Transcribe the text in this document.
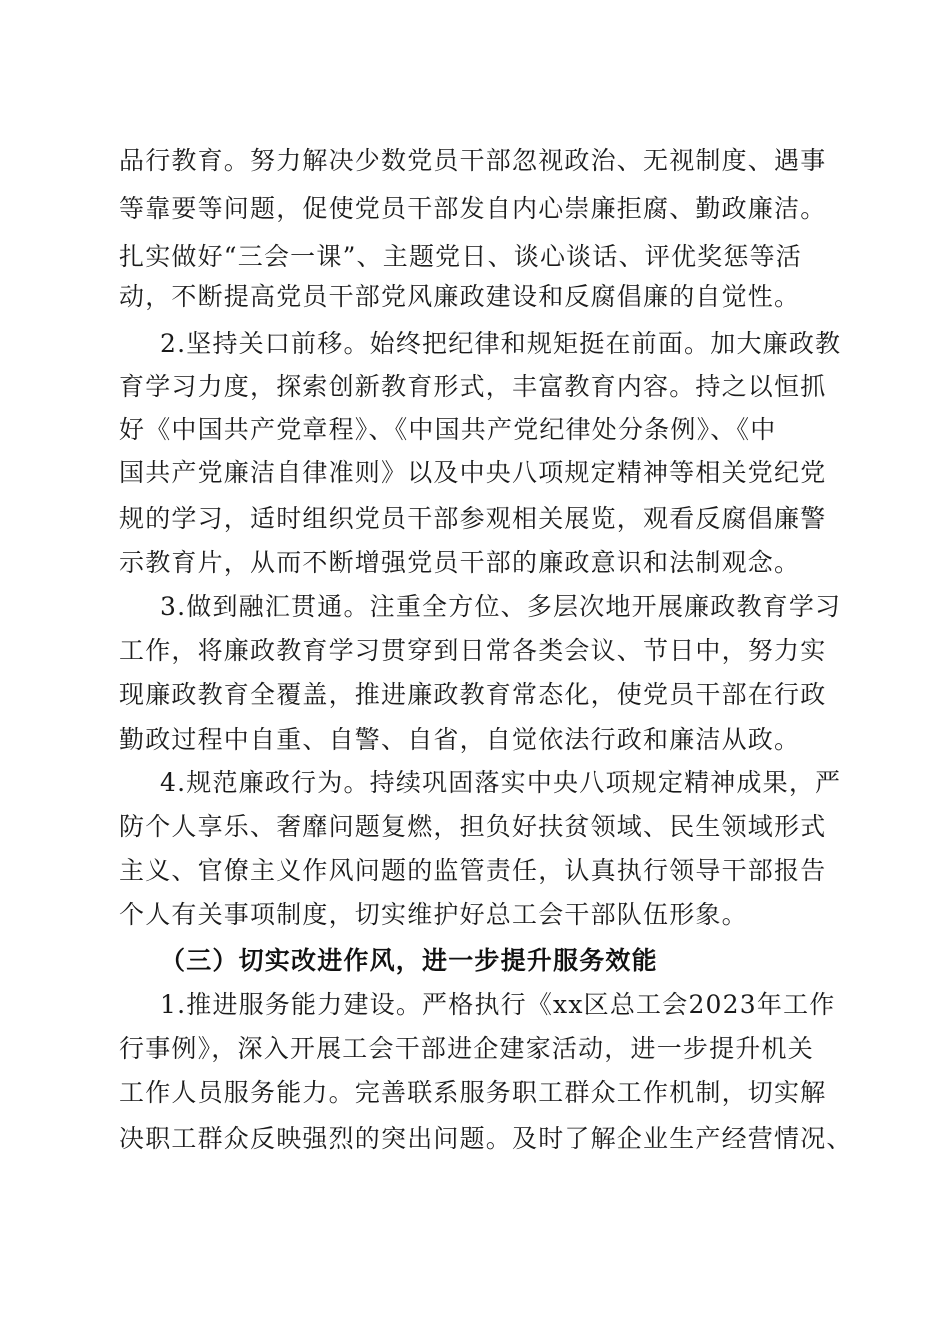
品行教育。努力解决少数党员干部忽视政治、无视制度、遇事
等靠要等问题，促使党员干部发自内心崇廉拒腐、勤政廉洁。
扎实做好“三会一课”、主题党日、谈心谈话、评优奖惩等活
动，不断提高党员干部党风廉政建设和反腐倡廉的自觉性。
2.坚持关口前移。始终把纪律和规矩挺在前面。加大廉政教
育学习力度，探索创新教育形式，丰富教育内容。持之以恒抓
好《中国共产党章程》、《中国共产党纪律处分条例》、《中
国共产党廉洁自律准则》以及中央八项规定精神等相关党纪党
规的学习，适时组织党员干部参观相关展览，观看反腐倡廉警
示教育片，从而不断增强党员干部的廉政意识和法制观念。
3.做到融汇贯通。注重全方位、多层次地开展廉政教育学习
工作，将廉政教育学习贯穿到日常各类会议、节日中，努力实
现廉政教育全覆盖，推进廉政教育常态化，使党员干部在行政
勤政过程中自重、自警、自省，自觉依法行政和廉洁从政。
4.规范廉政行为。持续巩固落实中央八项规定精神成果，严
防个人享乐、奢靡问题复燃，担负好扶贫领域、民生领域形式
主义、官僚主义作风问题的监管责任，认真执行领导干部报告
个人有关事项制度，切实维护好总工会干部队伍形象。
（三）切实改进作风，进一步提升服务效能
1.推进服务能力建设。严格执行《xx区总工会2023年工作
行事例》，深入开展工会干部进企建家活动，进一步提升机关
工作人员服务能力。完善联系服务职工群众工作机制，切实解
决职工群众反映强烈的突出问题。及时了解企业生产经营情况、
